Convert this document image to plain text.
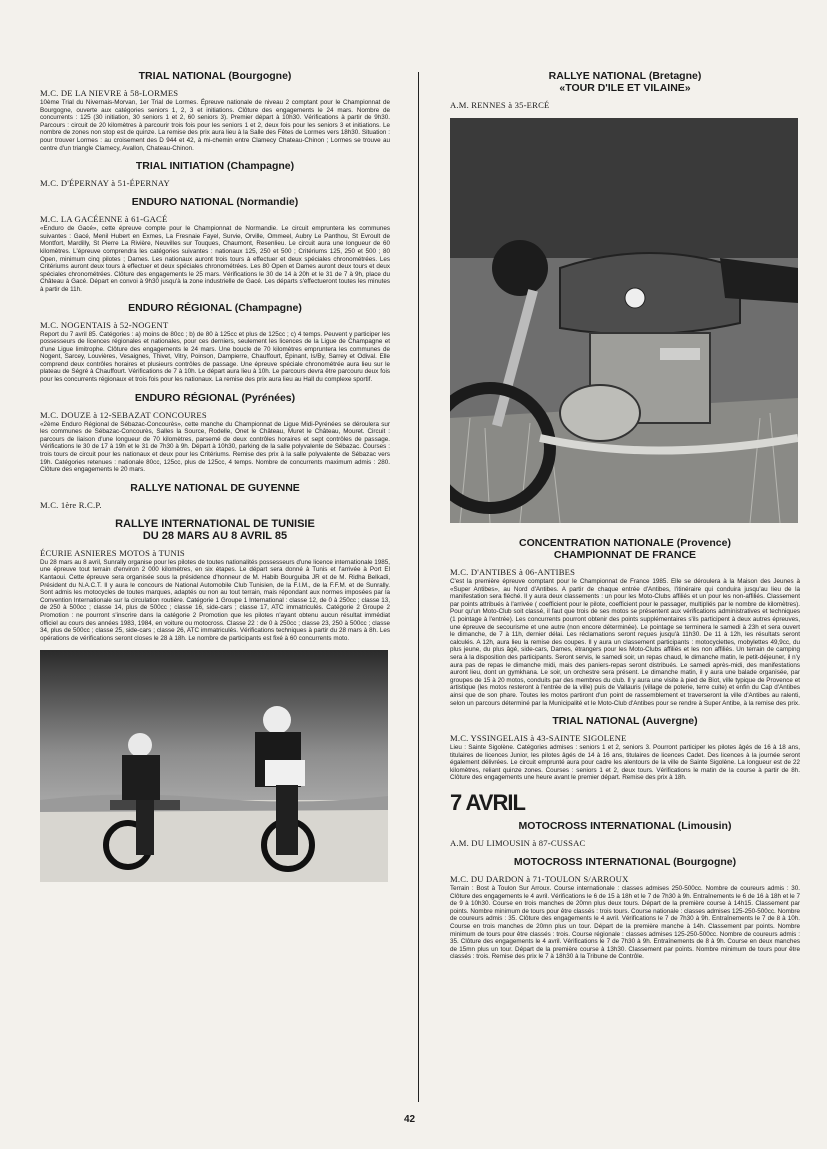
TRIAL NATIONAL (Bourgogne)
M.C. DE LA NIEVRE à 58-LORMES
10ème Trial du Nivernais-Morvan, 1er Trial de Lormes. Épreuve nationale de niveau 2 comptant pour le Championnat de Bourgogne, ouverte aux catégories seniors 1, 2, 3 et initiations. Clôture des engagements le 24 mars. Nombre de concurrents : 125 (30 initiation, 30 seniors 1 et 2, 60 seniors 3). Premier départ à 10h30. Vérifications à partir de 9h30. Parcours : circuit de 20 kilomètres à parcourir trois fois pour les seniors 1 et 2, deux fois pour les seniors 3 et initiations. Le nombre de zones non stop est de quinze. La remise des prix aura lieu à la Salle des Fêtes de Lormes vers 18h30. Situation : pour trouver Lormes : au croisement des D 944 et 42, à mi-chemin entre Clamecy Chateau-Chinon ; Lormes se trouve au centre d'un triangle Clamecy, Avallon, Chateau-Chinon.
TRIAL INITIATION (Champagne)
M.C. D'ÉPERNAY à 51-ÉPERNAY
ENDURO NATIONAL (Normandie)
M.C. LA GACÉENNE à 61-GACÉ
«Enduro de Gacé», cette épreuve compte pour le Championnat de Normandie. Le circuit empruntera les communes suivantes : Gacé, Menil Hubert en Exmes, La Fresnaie Fayel, Survie, Orville, Ommeel, Aubry Le Panthou, St Evroult de Montfort, Mardilly, St Pierre La Rivière, Neuvilles sur Touques, Chaumont, Resenlieu. Le circuit aura une longueur de 60 kilomètres. L'épreuve comprendra les catégories suivantes : nationaux 125, 250 et 500 ; Critériums 125, 250 et 500 ; 80 Open, minimum cinq pilotes ; Dames. Les nationaux auront trois tours à effectuer et deux spéciales chronométrées. Les Critériums auront deux tours à effectuer et deux spéciales chronométrées. Les 80 Open et Dames auront deux tours et deux spéciales chronométrées. Clôture des engagements le 25 mars. Vérifications le 30 de 14 à 20h et le 31 de 7 à 9h, place du Château à Gacé. Départ en convoi à 9h30 jusqu'à la zone industrielle de Gacé. Les départs s'effectueront toutes les minutes à partir de 11h.
ENDURO RÉGIONAL (Champagne)
M.C. NOGENTAIS à 52-NOGENT
Report du 7 avril 85. Catégories : a) moins de 80cc ; b) de 80 à 125cc et plus de 125cc ; c) 4 temps. Peuvent y participer les possesseurs de licences régionales et nationales, pour ces derniers, seulement les licences de la Ligue de Champagne et d'une Ligue limitrophe. Clôture des engagements le 24 mars. Une boucle de 70 kilomètres empruntera les communes de Nogent, Sarcey, Louvières, Vesaignes, Thivet, Vitry, Poinson, Dampierre, Chauffourt, Épinant, Is/By, Sarrey et Odival. Elle comprend deux contrôles horaires et plusieurs contrôles de passage. Une épreuve spéciale chronométrée aura lieu sur le plateau de Ségré à Chauffourt. Vérifications de 7 à 10h. Le départ aura lieu à 10h. Le parcours devra être parcouru deux fois pour les concurrents régionaux et trois fois pour les nationaux. La remise des prix aura lieu au Hall du complexe sportif.
ENDURO RÉGIONAL (Pyrénées)
M.C. DOUZE à 12-SEBAZAT CONCOURES
«2ème Enduro Régional de Sébazac-Concourès», cette manche du Championnat de Ligue Midi-Pyrénées se déroulera sur les communes de Sébazac-Concourès, Salles la Source, Rodelle, Onet le Château, Muret le Château, Mouret. Circuit : parcours de liaison d'une longueur de 70 kilomètres, parsemé de deux contrôles horaires et sept contrôles de passage. Vérifications le 30 de 17 à 19h et le 31 de 7h30 à 9h. Départ à 10h30, parking de la salle polyvalente de Sébazac. Courses : trois tours de circuit pour les nationaux et deux pour les Critériums. Remise des prix à la salle polyvalente de Sébazac vers 19h. Catégories retenues : nationale 80cc, 125cc, plus de 125cc, 4 temps. Nombre de concurrents maximum admis : 280. Clôture des engagements le 20 mars.
RALLYE NATIONAL DE GUYENNE
M.C. 1ère R.C.P.
RALLYE INTERNATIONAL DE TUNISIE
DU 28 MARS AU 8 AVRIL 85
ÉCURIE ASNIERES MOTOS à TUNIS
Du 28 mars au 8 avril, Sunrally organise pour les pilotes de toutes nationalités possesseurs d'une licence internationale 1985, une épreuve tout terrain d'environ 2 000 kilomètres, en six étapes. Le départ sera donné à Tunis et l'arrivée à Port El Kantaoui. Cette épreuve sera organisée sous la présidence d'honneur de M. Habib Bourguiba JR et de M. Ridha Belkadi, Président du N.A.C.T. Il y aura le concours de National Automobile Club Tunisien, de la F.I.M., de la F.F.M. et de Sunrally. Sont admis les motocycles de toutes marques, adaptés ou non au tout terrain, mais répondant aux normes imposées par la Convention Internationale sur la circulation routière. Catégorie 1 Groupe 1 International : classe 12, de 0 à 250cc ; classe 13, de 250 à 500cc ; classe 14, plus de 500cc ; classe 16, side-cars ; classe 17, ATC immatriculés. Catégorie 2 Groupe 2 Promotion : ne pourront s'inscrire dans la catégorie 2 Promotion que les pilotes n'ayant obtenu aucun résultat immédiat officiel au cours des années 1983, 1984, en voiture ou motocross. Classe 22 : de 0 à 250cc ; classe 23, 250 à 500cc ; classe 34, plus de 500cc ; classe 25, side-cars ; classe 26, ATC immatriculés. Vérifications techniques à partir du 28 mars à 8h. Les opérations de vérifications seront closes le 28 à 18h. Le nombre de participants est fixé à 60 concurrents moto.
RALLYE NATIONAL (Bretagne)
«TOUR D'ILE ET VILAINE»
A.M. RENNES à 35-ERCÉ
CONCENTRATION NATIONALE (Provence)
CHAMPIONNAT DE FRANCE
M.C. D'ANTIBES à 06-ANTIBES
C'est la première épreuve comptant pour le Championnat de France 1985. Elle se déroulera à la Maison des Jeunes à «Super Antibes», au Nord d'Antibes. A partir de chaque entrée d'Antibes, l'itinéraire qui conduira jusqu'au lieu de la manifestation sera fléché. Il y aura deux classements : un pour les Moto-Clubs affiliés et un pour les non-affiliés. Classement par points attribués à l'arrivée ( coefficient pour le pilote, coefficient pour le passager, multipliés par le nombre de kilomètres). Pour qu'un Moto-Club soit classé, il faut que trois de ses motos se présentent aux vérifications administratives et techniques (1 pointage à l'entrée). Les concurrents pourront obtenir des points supplémentaires s'ils participent à deux autres épreuves, une épreuve de secourisme et une autre (non encore déterminée). Le pointage se terminera le samedi à 23h et sera ouvert le dimanche, de 7 à 11h, dernier délai. Les réclamations seront reçues jusqu'à 11h30. De 11 à 12h, les résultats seront calculés. A 12h, aura lieu la remise des coupes. Il y aura un classement participants : motocyclettes, mobylettes 49,9cc, du plus jeune, du plus âgé, side-cars, Dames, étrangers pour les Moto-Clubs affiliés et les non affiliés. Un terrain de camping sera à la disposition des participants. Seront servis, le samedi soir, un repas chaud, le dimanche matin, le petit-déjeuner, il n'y aura pas de repas le dimanche midi, mais des paniers-repas seront distribués. Le samedi après-midi, des manifestations auront lieu, dont un gymkhana. Le soir, un orchestre sera présent. Le dimanche matin, il y aura une balade organisée, par groupes de 15 à 20 motos, conduits par des membres du club. Il y aura une visite à pied de Biot, ville typique de Provence et artistique (les motos resteront à l'entrée de la ville) puis de Vallauris (village de poterie, terre cuite) et enfin du Cap d'Antibes ainsi que de son phare. Toutes les motos partiront d'un point de rassemblement et traverseront la ville d'Antibes au ralenti, selon un parcours déterminé par la Municipalité et le Moto-Club d'Antibes pour se rendre à Super Antibe, à la remise des prix.
TRIAL NATIONAL (Auvergne)
M.C. YSSINGELAIS à 43-SAINTE SIGOLENE
Lieu : Sainte Sigolène. Catégories admises : seniors 1 et 2, seniors 3. Pourront participer les pilotes âgés de 16 à 18 ans, titulaires de licences Junior, les pilotes âgés de 14 à 16 ans, titulaires de licences Cadet. Des licences à la journée seront également délivrées. Le circuit emprunté aura pour cadre les alentours de la ville de Sainte Sigolène. La longueur est de 22 kilomètres, reliant quinze zones. Courses : seniors 1 et 2, deux tours. Vérifications le matin de la course à partir de 8h. Clôture des engagements une heure avant le premier départ. Remise des prix à 18h.
7 AVRIL
MOTOCROSS INTERNATIONAL (Limousin)
A.M. DU LIMOUSIN à 87-CUSSAC
MOTOCROSS INTERNATIONAL (Bourgogne)
M.C. DU DARDON à 71-TOULON S/ARROUX
Terrain : Bost à Toulon Sur Arroux. Course internationale : classes admises 250-500cc. Nombre de coureurs admis : 30. Clôture des engagements le 4 avril. Vérifications le 6 de 15 à 18h et le 7 de 7h30 à 9h. Entraînements le 6 de 16 à 18h et le 7 de 9 à 10h30. Course en trois manches de 20mn plus deux tours. Départ de la première course à 14h15. Classement par points. Nombre minimum de tours pour être classés : trois tours. Course nationale : classes admises 125-250-500cc. Nombre de coureurs admis : 35. Clôture des engagements le 4 avril. Vérifications le 7 de 7h30 à 9h. Entraînements le 7 de 8 à 10h. Course en trois manches de 20mn plus un tour. Départ de la première manche à 14h. Classement par points. Nombre minimum de tours pour être classés : trois. Course régionale : classes admises 125-250-500cc. Nombre de coureurs admis : 35. Clôture des engagements le 4 avril. Vérifications le 7 de 7h30 à 9h. Entraînements de 8 à 9h. Course en deux manches de 15mn plus un tour. Départ de la première course à 13h30. Classement par points. Nombre minimum de tours pour être classés : trois. Remise des prix le 7 à 18h30 à la Tribune de Contrôle.
42
